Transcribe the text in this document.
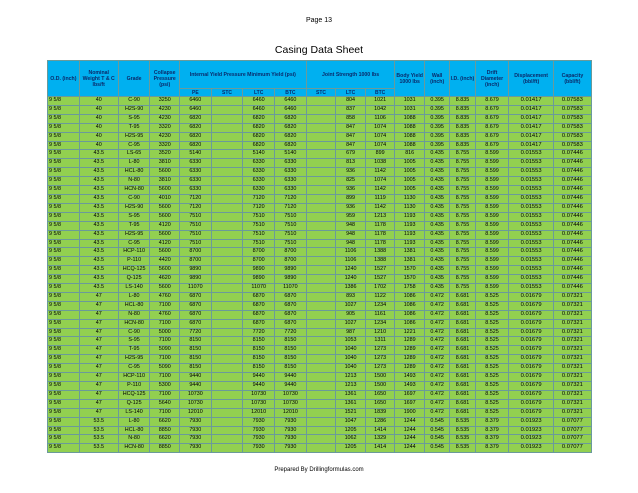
Page 13
Casing Data Sheet
O.D. (inch)	Nominal Weight T & C lbs/ft	Grade	Collapse Pressure (psi)	Internal Yield Pressure Minimum Yield (psi)				Joint Strength 1000 lbs			Body Yield 1000 lbs	Wall (inch)	I.D. (inch)	Drift Diameter (inch)	Displacement (bbl/ft)	Capacity (bbl/ft)
				PE	STC	LTC	BTC	STC	LTC	BTC						
9 5/8	40	C-90	3250	6460		6460	6460		804	1021	1031	0.395	8.835	8.679	0.01417	0.07583
9 5/8	40	H2S-90	4230	6460		6460	6460		837	1042	1031	0.395	8.835	8.679	0.01417	0.07583
9 5/8	40	S-95	4230	6820		6820	6820		858	1106	1088	0.395	8.835	8.679	0.01417	0.07583
9 5/8	40	T-95	3320	6820		6820	6820		847	1074	1088	0.395	8.835	8.679	0.01417	0.07583
9 5/8	40	H2S-95	4230	6820		6820	6820		847	1074	1088	0.395	8.835	8.679	0.01417	0.07583
9 5/8	40	C-95	3320	6820		6820	6820		847	1074	1088	0.395	8.835	8.679	0.01417	0.07583
9 5/8	43.5	LS-65	3520	5140		5140	5140		679	899	816	0.435	8.755	8.599	0.01553	0.07446
9 5/8	43.5	L-80	3810	6330		6330	6330		813	1038	1005	0.435	8.755	8.599	0.01553	0.07446
9 5/8	43.5	HCL-80	5600	6330		6330	6330		936	1142	1005	0.435	8.755	8.599	0.01553	0.07446
9 5/8	43.5	N-80	3810	6330		6330	6330		825	1074	1005	0.435	8.755	8.599	0.01553	0.07446
9 5/8	43.5	HCN-80	5600	6330		6330	6330		936	1142	1005	0.435	8.755	8.599	0.01553	0.07446
9 5/8	43.5	C-90	4010	7120		7120	7120		899	1119	1130	0.435	8.755	8.599	0.01553	0.07446
9 5/8	43.5	H2S-90	5600	7120		7120	7120		936	1142	1130	0.435	8.755	8.599	0.01553	0.07446
9 5/8	43.5	S-95	5600	7510		7510	7510		959	1213	1193	0.435	8.755	8.599	0.01553	0.07446
9 5/8	43.5	T-95	4120	7510		7510	7510		948	1178	1193	0.435	8.755	8.599	0.01553	0.07446
9 5/8	43.5	H2S-95	5600	7510		7510	7510		948	1178	1193	0.435	8.755	8.599	0.01553	0.07446
9 5/8	43.5	C-95	4120	7510		7510	7510		948	1178	1193	0.435	8.755	8.599	0.01553	0.07446
9 5/8	43.5	HCP-110	5600	8700		8700	8700		1106	1388	1381	0.435	8.755	8.599	0.01553	0.07446
9 5/8	43.5	P-110	4420	8700		8700	8700		1106	1388	1381	0.435	8.755	8.599	0.01553	0.07446
9 5/8	43.5	HCQ-125	5600	9890		9890	9890		1240	1527	1570	0.435	8.755	8.599	0.01553	0.07446
9 5/8	43.5	Q-125	4620	9890		9890	9890		1240	1527	1570	0.435	8.755	8.599	0.01553	0.07446
9 5/8	43.5	LS-140	5600	11070		11070	11070		1386	1702	1758	0.435	8.755	8.599	0.01553	0.07446
9 5/8	47	L-80	4760	6870		6870	6870		893	1122	1086	0.472	8.681	8.525	0.01679	0.07321
9 5/8	47	HCL-80	7100	6870		6870	6870		1027	1234	1086	0.472	8.681	8.525	0.01679	0.07321
9 5/8	47	N-80	4760	6870		6870	6870		905	1161	1086	0.472	8.681	8.525	0.01679	0.07321
9 5/8	47	HCN-80	7100	6870		6870	6870		1027	1234	1086	0.472	8.681	8.525	0.01679	0.07321
9 5/8	47	C-90	5000	7720		7720	7720		987	1210	1221	0.472	8.681	8.525	0.01679	0.07321
9 5/8	47	S-95	7100	8150		8150	8150		1053	1311	1289	0.472	8.681	8.525	0.01679	0.07321
9 5/8	47	T-95	5090	8150		8150	8150		1040	1273	1289	0.472	8.681	8.525	0.01679	0.07321
9 5/8	47	H2S-95	7100	8150		8150	8150		1040	1273	1289	0.472	8.681	8.525	0.01679	0.07321
9 5/8	47	C-95	5090	8150		8150	8150		1040	1273	1289	0.472	8.681	8.525	0.01679	0.07321
9 5/8	47	HCP-110	7100	9440		9440	9440		1213	1500	1493	0.472	8.681	8.525	0.01679	0.07321
9 5/8	47	P-110	5300	9440		9440	9440		1213	1500	1493	0.472	8.681	8.525	0.01679	0.07321
9 5/8	47	HCQ-125	7100	10730		10730	10730		1361	1650	1697	0.472	8.681	8.525	0.01679	0.07321
9 5/8	47	Q-125	5640	10730		10730	10730		1361	1650	1697	0.472	8.681	8.525	0.01679	0.07321
9 5/8	47	LS-140	7100	12010		12010	12010		1521	1839	1900	0.472	8.681	8.525	0.01679	0.07321
9 5/8	53.5	L-80	6620	7930		7930	7930		1047	1286	1244	0.545	8.535	8.379	0.01923	0.07077
9 5/8	53.5	HCL-80	8850	7930		7930	7930		1205	1414	1244	0.545	8.535	8.379	0.01923	0.07077
9 5/8	53.5	N-80	6620	7930		7930	7930		1062	1329	1244	0.545	8.535	8.379	0.01923	0.07077
9 5/8	53.5	HCN-80	8850	7930		7930	7930		1205	1414	1244	0.545	8.535	8.379	0.01923	0.07077
Prepared By Drillingformulas.com
